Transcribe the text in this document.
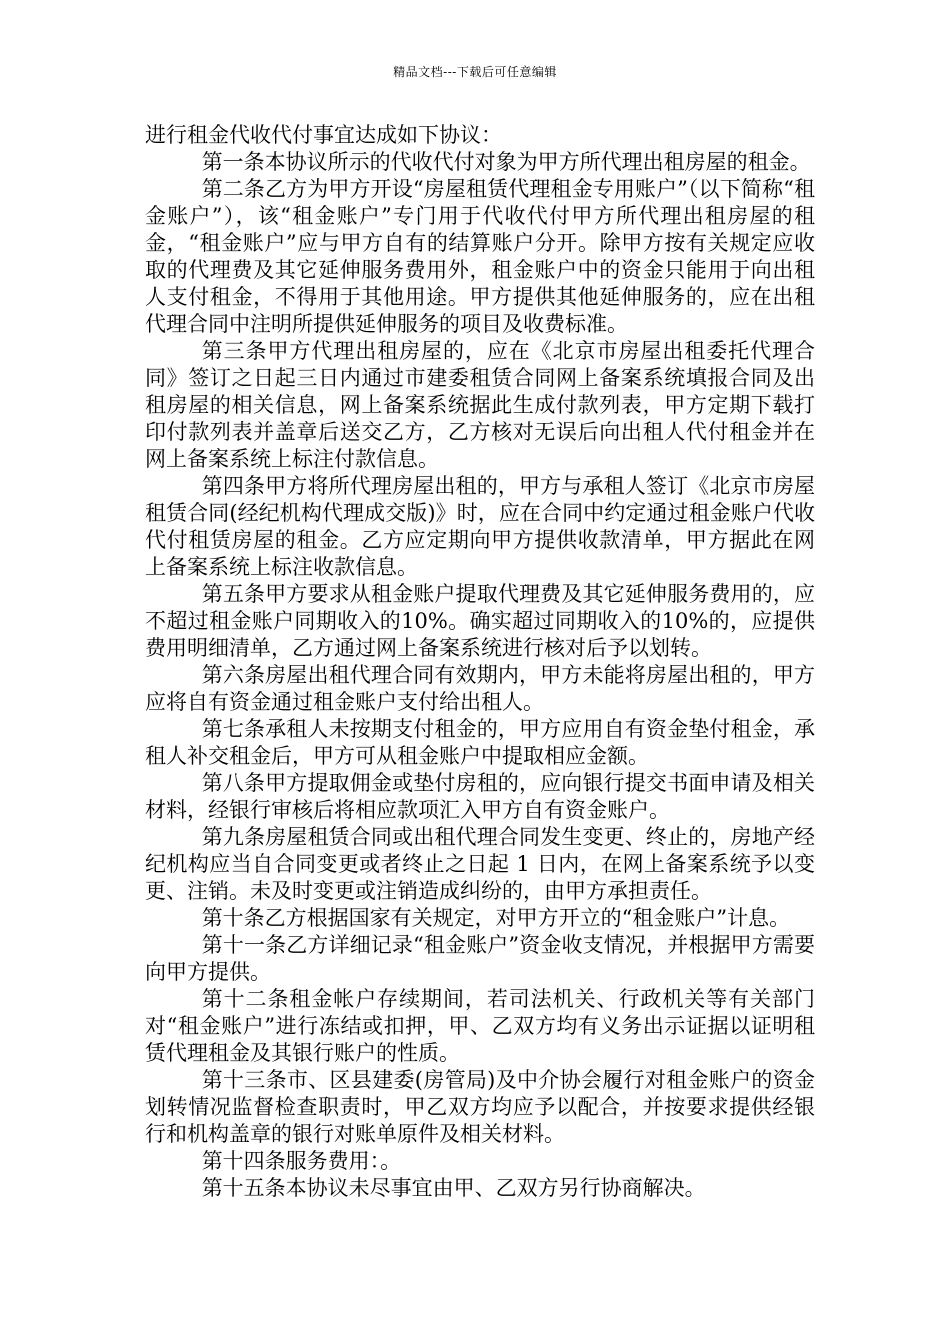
精品文档---下载后可任意编辑

进行租金代收代付事宜达成如下协议：

第一条本协议所示的代收代付对象为甲方所代理出租房屋的租金。

第二条乙方为甲方开设“房屋租赁代理租金专用账户”（以下简称“租金账户”），该“租金账户”专门用于代收代付甲方所代理出租房屋的租金，“租金账户”应与甲方自有的结算账户分开。除甲方按有关规定应收取的代理费及其它延伸服务费用外，租金账户中的资金只能用于向出租人支付租金，不得用于其他用途。甲方提供其他延伸服务的，应在出租代理合同中注明所提供延伸服务的项目及收费标准。

第三条甲方代理出租房屋的，应在《北京市房屋出租委托代理合同》签订之日起三日内通过市建委租赁合同网上备案系统填报合同及出租房屋的相关信息，网上备案系统据此生成付款列表，甲方定期下载打印付款列表并盖章后送交乙方，乙方核对无误后向出租人代付租金并在网上备案系统上标注付款信息。

第四条甲方将所代理房屋出租的，甲方与承租人签订《北京市房屋租赁合同(经纪机构代理成交版)》时，应在合同中约定通过租金账户代收代付租赁房屋的租金。乙方应定期向甲方提供收款清单，甲方据此在网上备案系统上标注收款信息。

第五条甲方要求从租金账户提取代理费及其它延伸服务费用的，应不超过租金账户同期收入的10%。确实超过同期收入的10%的，应提供费用明细清单，乙方通过网上备案系统进行核对后予以划转。

第六条房屋出租代理合同有效期内，甲方未能将房屋出租的，甲方应将自有资金通过租金账户支付给出租人。

第七条承租人未按期支付租金的，甲方应用自有资金垫付租金，承租人补交租金后，甲方可从租金账户中提取相应金额。

第八条甲方提取佣金或垫付房租的，应向银行提交书面申请及相关材料，经银行审核后将相应款项汇入甲方自有资金账户。

第九条房屋租赁合同或出租代理合同发生变更、终止的，房地产经纪机构应当自合同变更或者终止之日起 1 日内，在网上备案系统予以变更、注销。未及时变更或注销造成纠纷的，由甲方承担责任。

第十条乙方根据国家有关规定，对甲方开立的“租金账户”计息。

第十一条乙方详细记录“租金账户”资金收支情况，并根据甲方需要向甲方提供。

第十二条租金帐户存续期间，若司法机关、行政机关等有关部门对“租金账户”进行冻结或扣押，甲、乙双方均有义务出示证据以证明租赁代理租金及其银行账户的性质。

第十三条市、区县建委(房管局)及中介协会履行对租金账户的资金划转情况监督检查职责时，甲乙双方均应予以配合，并按要求提供经银行和机构盖章的银行对账单原件及相关材料。

第十四条服务费用：。

第十五条本协议未尽事宜由甲、乙双方另行协商解决。
